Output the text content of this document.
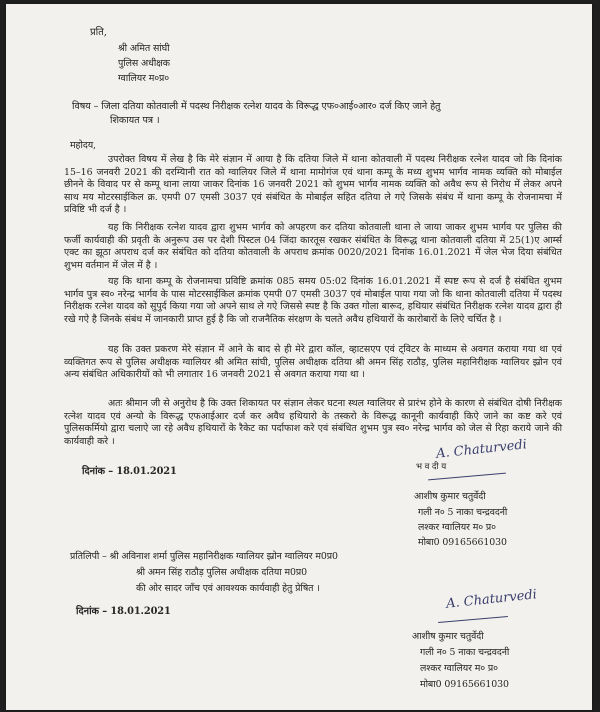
प्रति,
श्री अमित सांघी
पुलिस अधीक्षक
ग्वालियर म०प्र०
विषय – जिला दतिया कोतवाली में पदस्थ निरीक्षक रत्नेश यादव के विरूद्ध एफ०आई०आर० दर्ज किए जाने हेतु
शिकायत पत्र ।
महोदय,
उपरोक्त विषय में लेख है कि मेरे संज्ञान में आया है कि दतिया जिले में थाना कोतवाली में पदस्थ निरीक्षक रत्नेश यादव जो कि दिनांक 15–16 जनवरी 2021 की दरम्यिानी रात को ग्वालियर जिले में थाना मामोगंज एवं थाना कम्पू के मध्य शुभम भार्गव नामक व्यक्ति को मोबाईल छीनने के विवाद पर से कम्पू थाना लाया जाकर दिनांक 16 जनवरी 2021 को शुभम भार्गव नामक व्यक्ति को अवैध रूप से निरोध में लेकर अपने साथ मय मोटरसाईकिल क्र. एमपी 07 एमसी 3037 एवं संबंधित के मोबाईल सहित दतिया ले गऐ जिसके संबंध में थाना कम्पू के रोजनामचा में प्रविष्टि भी दर्ज है ।
यह कि निरीक्षक रत्नेश यादव द्वारा शुभम भार्गव को अपहरण कर दतिया कोतवाली थाना ले जाया जाकर शुभम भार्गव पर पुलिस की फर्जी कार्यवाही की प्रवृती के अनुरूप उस पर देशी पिस्टल 04 जिंदा कारतूस रखकर संबंधित के विरूद्ध थाना कोतवाली दतिया में 25(1)ए आर्म्स एक्ट का झूठा अपराध दर्ज कर संबंधित को दतिया कोतवाली के अपराध क्रमांक 0020/2021 दिनांक 16.01.2021 में जेल भेज दिया संबंधित शुभम वर्तमान में जेल में है ।
यह कि थाना कम्पू के रोजनामचा प्रविष्टि क्रमांक 085 समय 05:02 दिनांक 16.01.2021 में स्पष्ट रूप से दर्ज है संबंधित शुभम भार्गव पुत्र स्व० नरेन्द्र भार्गव के पास मोटरसाईकिल क्रमांक एमपी 07 एमसी 3037 एवं मोबाईल पाया गया जो कि थाना कोतवाली दतिया में पदस्थ निरीक्षक रत्नेश यादव को सुपुर्द किया गया जो अपने साथ ले गऐ जिससे स्पष्ट है कि उक्त गोला बारूद, हथियार संबंधित निरीक्षक रत्नेश यादव द्वारा ही रखे गऐ है जिनके संबंध में जानकारी प्राप्त हुई है कि जो राजनैतिक संरक्षण के चलते अवैध हथियारों के कारोबारों के लिऐ चर्चित है ।
यह कि उक्त प्रकरण मेरे संज्ञान में आने के बाद से ही मेरे द्वारा कॉल, व्हाटसएप एवं ट्विटर के माध्यम से अवगत कराया गया था एवं व्यक्तिगत रूप से पुलिस अधीक्षक ग्वालियर श्री अमित सांघी, पुलिस अधीक्षक दतिया श्री अमन सिंह राठौड़, पुलिस महानिरीक्षक ग्वालियर झ्रोन एवं अन्य संबंधित अधिकारीयों को भी लगातार 16 जनवरी 2021 से अवगत कराया गया था ।
अतः श्रीमान जी से अनुरोध है कि उक्त शिकायत पर संज्ञान लेकर घटना स्थल ग्वालियर से प्रारंभ होने के कारण से संबंधित दोषी निरीक्षक रत्नेश यादव एवं अन्यो के विरूद्ध एफआईआर दर्ज कर अवैध हथियारो के तस्करो के विरूद्ध कानूनी कार्यवाही किऐ जाने का कष्ट करे एवं पुलिसकर्मियो द्वारा चलाऐ जा रहे अवैध हथियारों के रैकेट का पर्दाफाश करे एवं संबंधित शुभम पुत्र स्व० नरेन्द्र भार्गव को जेल से रिहा कराये जाने की कार्यवाही करे ।
दिनांक – 18.01.2021	भ व दी य
A. Chaturvedi
आशीष कुमार चतुर्वेदी
गली न० 5 नाका चन्द्रवदनी
लश्कर ग्वालियर म० प्र०
मोबा0 09165661030
प्रतिलिपी – श्री अविनाश शर्मा पुलिस महानिरीक्षक ग्वालियर झ्रोन ग्वालियर म0प्र0
श्री अमन सिंह राठौड़ पुलिस अधीक्षक दतिया म0प्र0
की ओर सादर जाँच एवं आवश्यक कार्यवाही हेतु प्रेषित ।
दिनांक – 18.01.2021	A. Chaturvedi
आशीष कुमार चतुर्वेदी
गली न० 5 नाका चन्द्रवदनी
लश्कर ग्वालियर म० प्र०
मोबा0 09165661030
